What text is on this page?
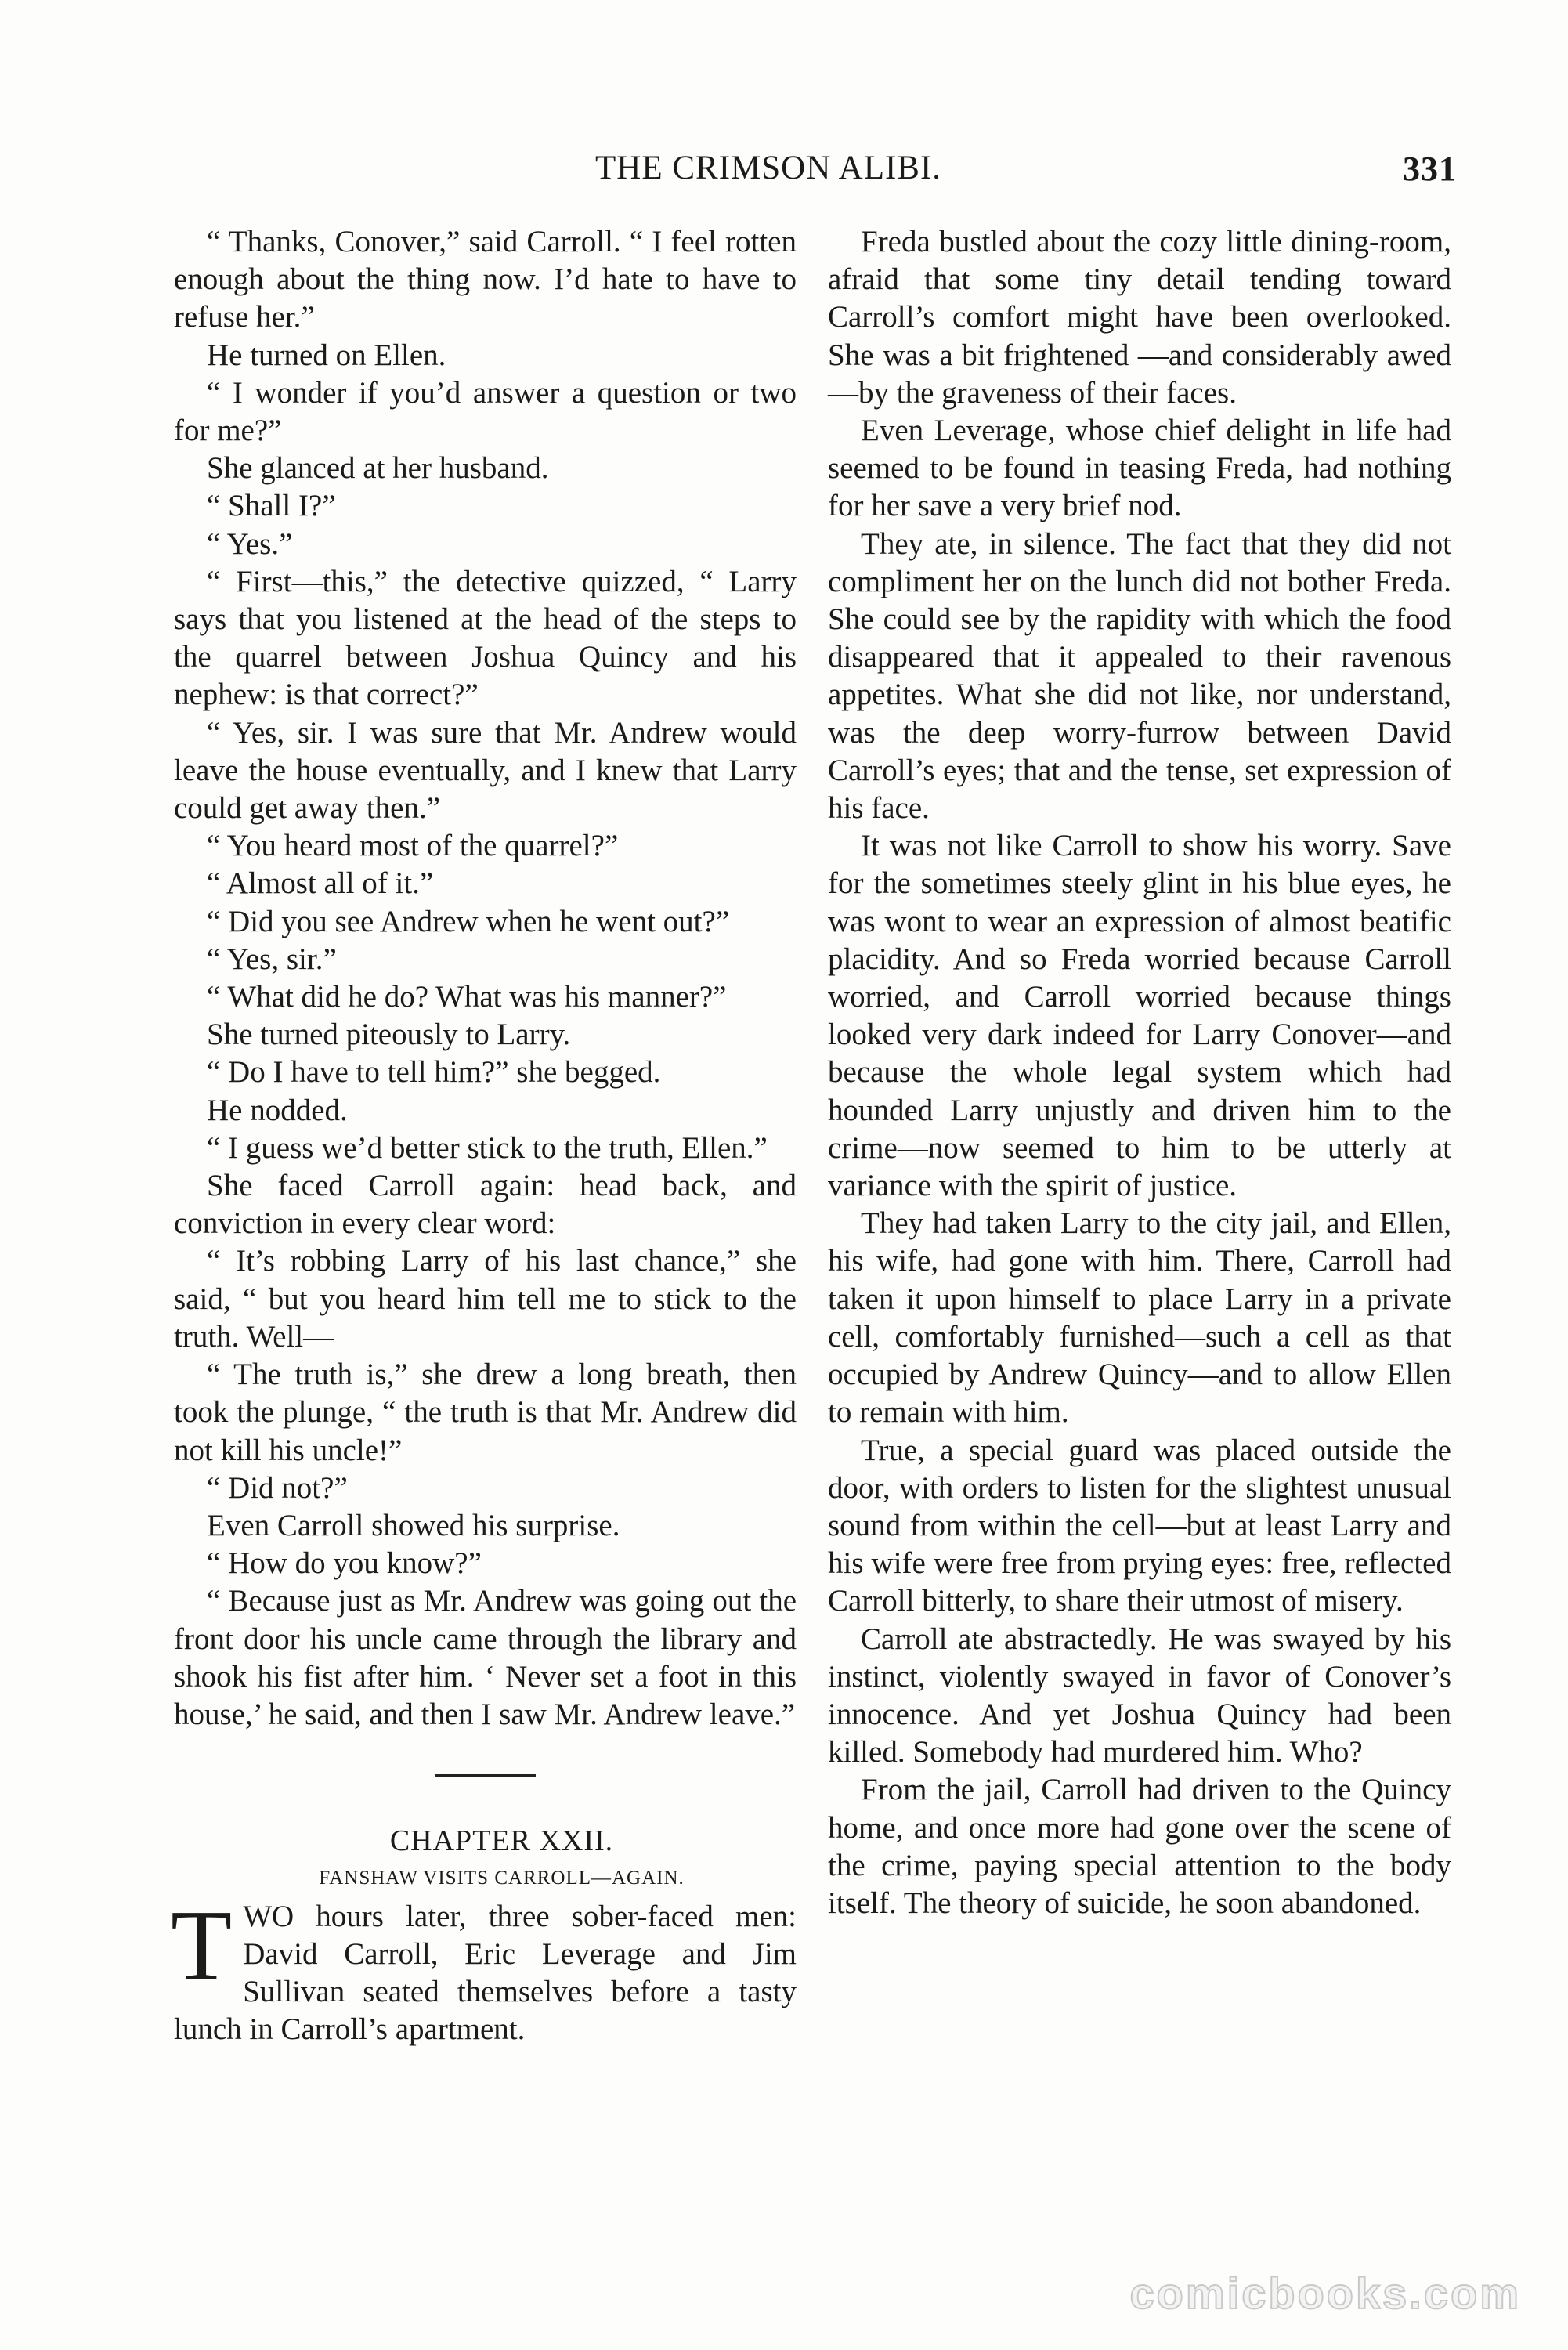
THE CRIMSON ALIBI.	331

“ Thanks, Conover,” said Carroll. “ I feel rotten enough about the thing now. I’d hate to have to refuse her.”

He turned on Ellen.

“ I wonder if you’d answer a question or two for me?”

She glanced at her husband.

“ Shall I?”

“ Yes.”

“ First—this,” the detective quizzed, “ Larry says that you listened at the head of the steps to the quarrel between Joshua Quincy and his nephew: is that correct?”

“ Yes, sir. I was sure that Mr. Andrew would leave the house eventually, and I knew that Larry could get away then.”

“ You heard most of the quarrel?”

“ Almost all of it.”

“ Did you see Andrew when he went out?”

“ Yes, sir.”

“ What did he do? What was his manner?”

She turned piteously to Larry.

“ Do I have to tell him?” she begged.

He nodded.

“ I guess we’d better stick to the truth, Ellen.”

She faced Carroll again: head back, and conviction in every clear word:

“ It’s robbing Larry of his last chance,” she said, “ but you heard him tell me to stick to the truth. Well—

“ The truth is,” she drew a long breath, then took the plunge, “ the truth is that Mr. Andrew did not kill his uncle!”

“ Did not?”

Even Carroll showed his surprise.

“ How do you know?”

“ Because just as Mr. Andrew was going out the front door his uncle came through the library and shook his fist after him. ‘ Never set a foot in this house,’ he said, and then I saw Mr. Andrew leave.”

CHAPTER XXII.

FANSHAW VISITS CARROLL—AGAIN.

TWO hours later, three sober-faced men: David Carroll, Eric Leverage and Jim Sullivan seated themselves before a tasty lunch in Carroll’s apartment.

Freda bustled about the cozy little dining-room, afraid that some tiny detail tending toward Carroll’s comfort might have been overlooked. She was a bit frightened —and considerably awed—by the graveness of their faces.

Even Leverage, whose chief delight in life had seemed to be found in teasing Freda, had nothing for her save a very brief nod.

They ate, in silence. The fact that they did not compliment her on the lunch did not bother Freda. She could see by the rapidity with which the food disappeared that it appealed to their ravenous appetites. What she did not like, nor understand, was the deep worry-furrow between David Carroll’s eyes; that and the tense, set expression of his face.

It was not like Carroll to show his worry. Save for the sometimes steely glint in his blue eyes, he was wont to wear an expression of almost beatific placidity. And so Freda worried because Carroll worried, and Carroll worried because things looked very dark indeed for Larry Conover—and because the whole legal system which had hounded Larry unjustly and driven him to the crime—now seemed to him to be utterly at variance with the spirit of justice.

They had taken Larry to the city jail, and Ellen, his wife, had gone with him. There, Carroll had taken it upon himself to place Larry in a private cell, comfortably furnished—such a cell as that occupied by Andrew Quincy—and to allow Ellen to remain with him.

True, a special guard was placed outside the door, with orders to listen for the slightest unusual sound from within the cell—but at least Larry and his wife were free from prying eyes: free, reflected Carroll bitterly, to share their utmost of misery.

Carroll ate abstractedly. He was swayed by his instinct, violently swayed in favor of Conover’s innocence. And yet Joshua Quincy had been killed. Somebody had murdered him. Who?

From the jail, Carroll had driven to the Quincy home, and once more had gone over the scene of the crime, paying special attention to the body itself. The theory of suicide, he soon abandoned.

comicbooks.com
